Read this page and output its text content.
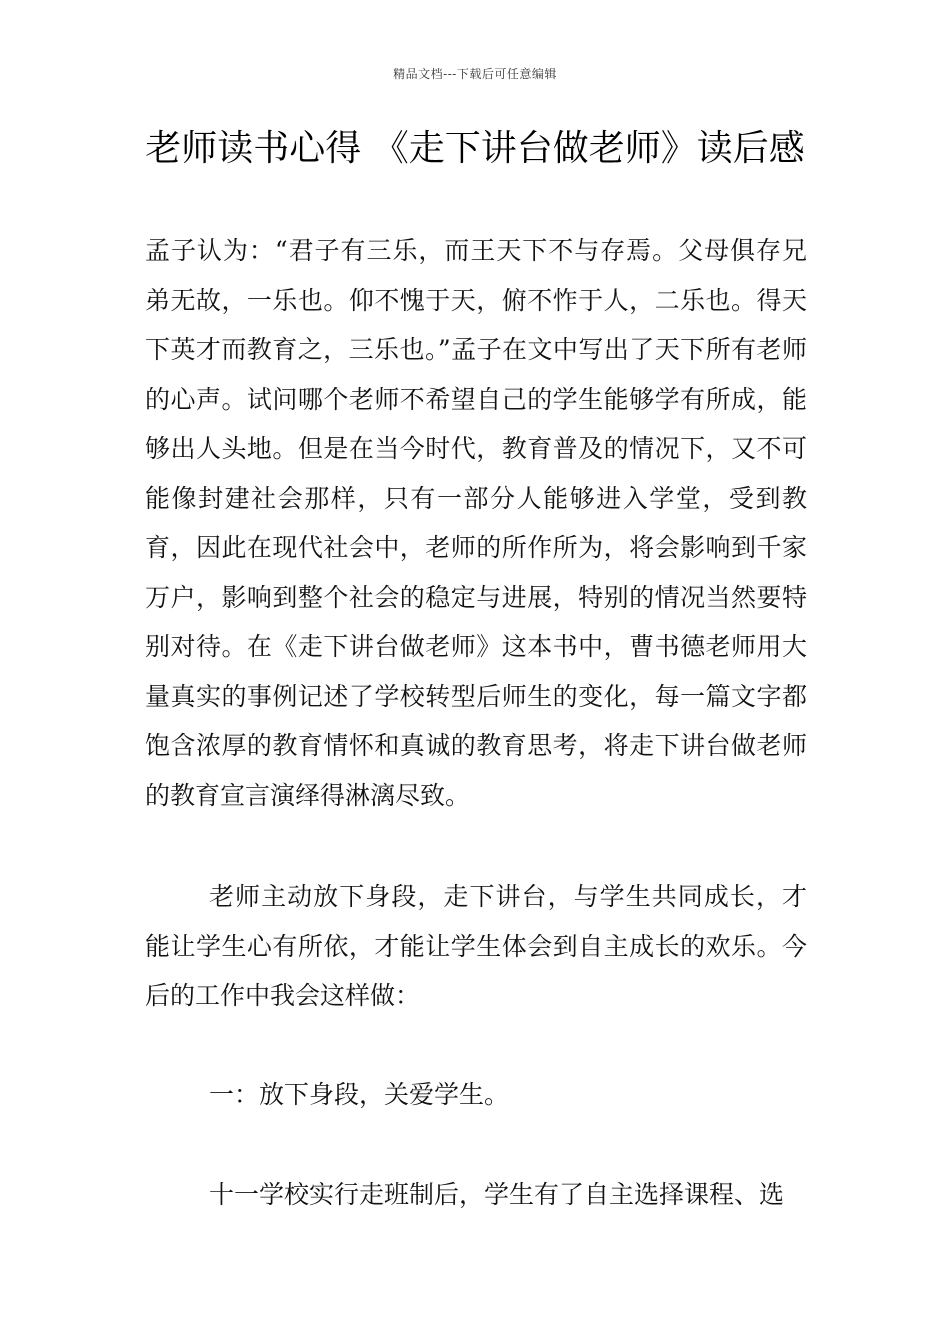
精品文档---下载后可任意编辑
老师读书心得 《走下讲台做老师》读后感

孟子认为：“君子有三乐，而王天下不与存焉。父母俱存兄弟无故，一乐也。仰不愧于天，俯不怍于人，二乐也。得天下英才而教育之，三乐也。”孟子在文中写出了天下所有老师的心声。试问哪个老师不希望自己的学生能够学有所成，能够出人头地。但是在当今时代，教育普及的情况下，又不可能像封建社会那样，只有一部分人能够进入学堂，受到教育，因此在现代社会中，老师的所作所为，将会影响到千家万户，影响到整个社会的稳定与进展，特别的情况当然要特别对待。在《走下讲台做老师》这本书中，曹书德老师用大量真实的事例记述了学校转型后师生的变化，每一篇文字都饱含浓厚的教育情怀和真诚的教育思考，将走下讲台做老师的教育宣言演绎得淋漓尽致。

老师主动放下身段，走下讲台，与学生共同成长，才能让学生心有所依，才能让学生体会到自主成长的欢乐。今后的工作中我会这样做：

一：放下身段，关爱学生。

十一学校实行走班制后，学生有了自主选择课程、选
